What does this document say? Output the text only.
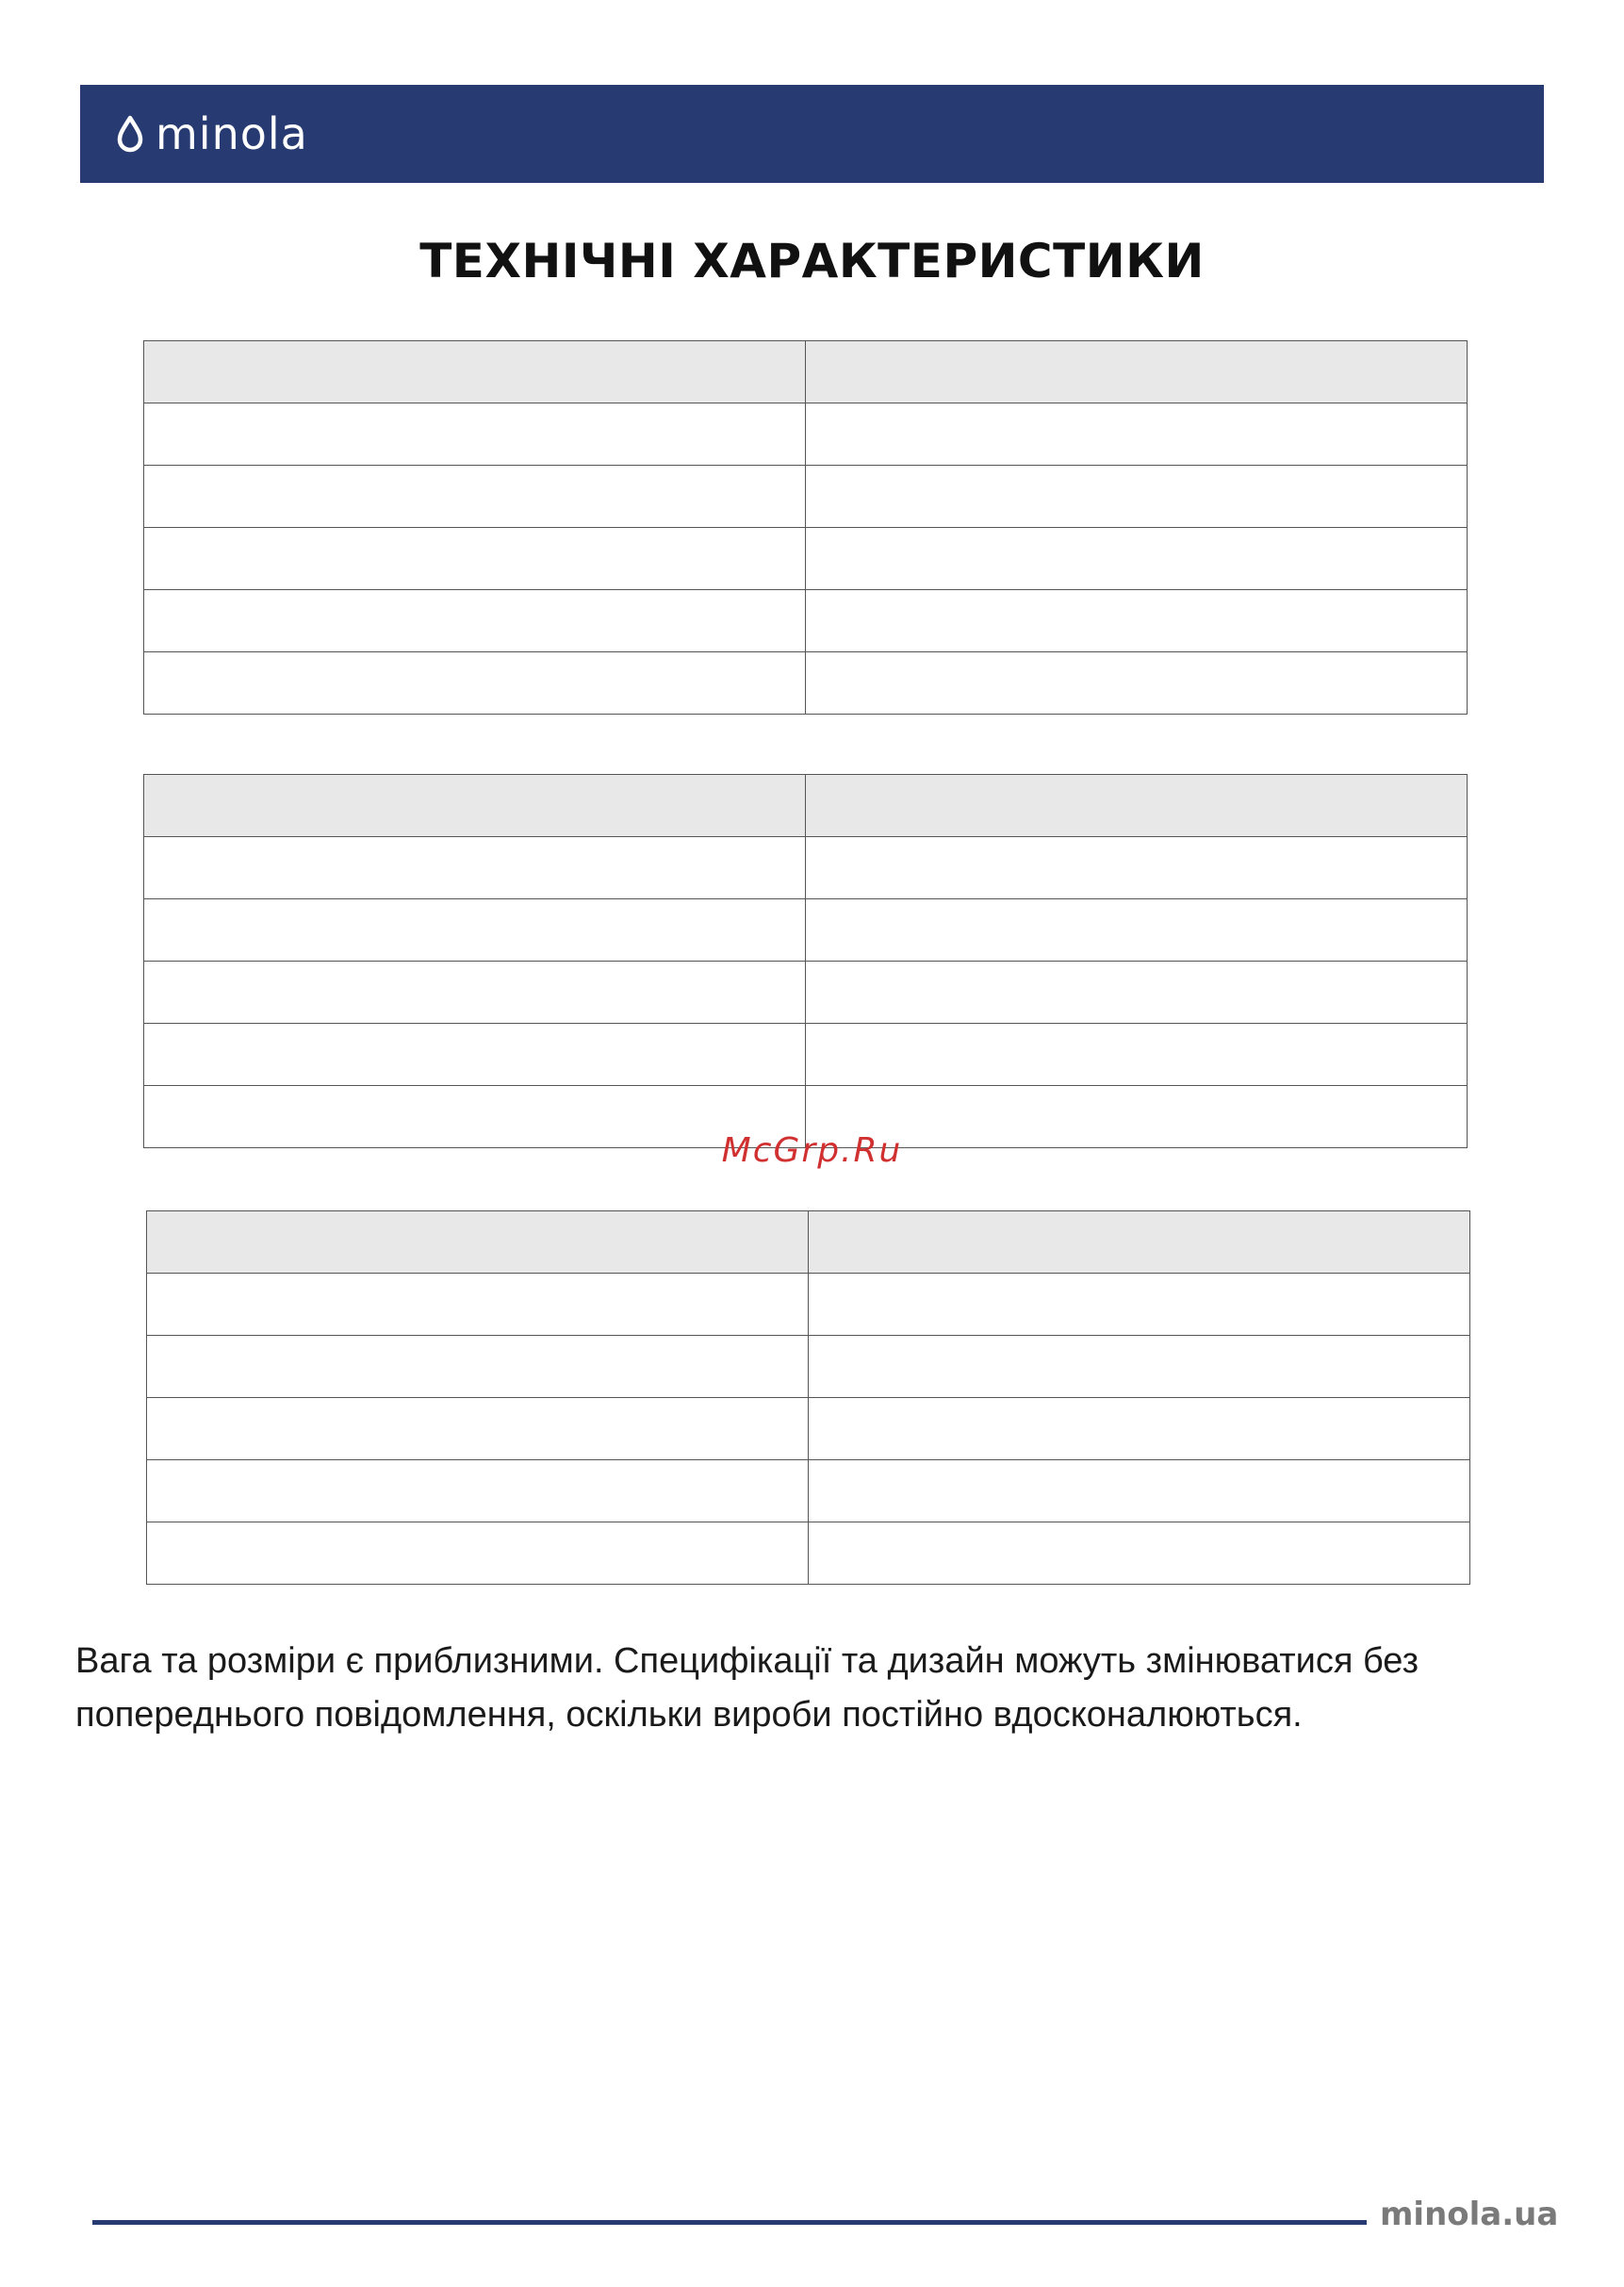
minola
ТЕХНІЧНІ ХАРАКТЕРИСТИКИ

McGrp.Ru

Вага та розміри є приблизними. Специфікації та дизайн можуть змінюватися без попереднього повідомлення, оскільки вироби постійно вдосконалюються.

minola.ua
